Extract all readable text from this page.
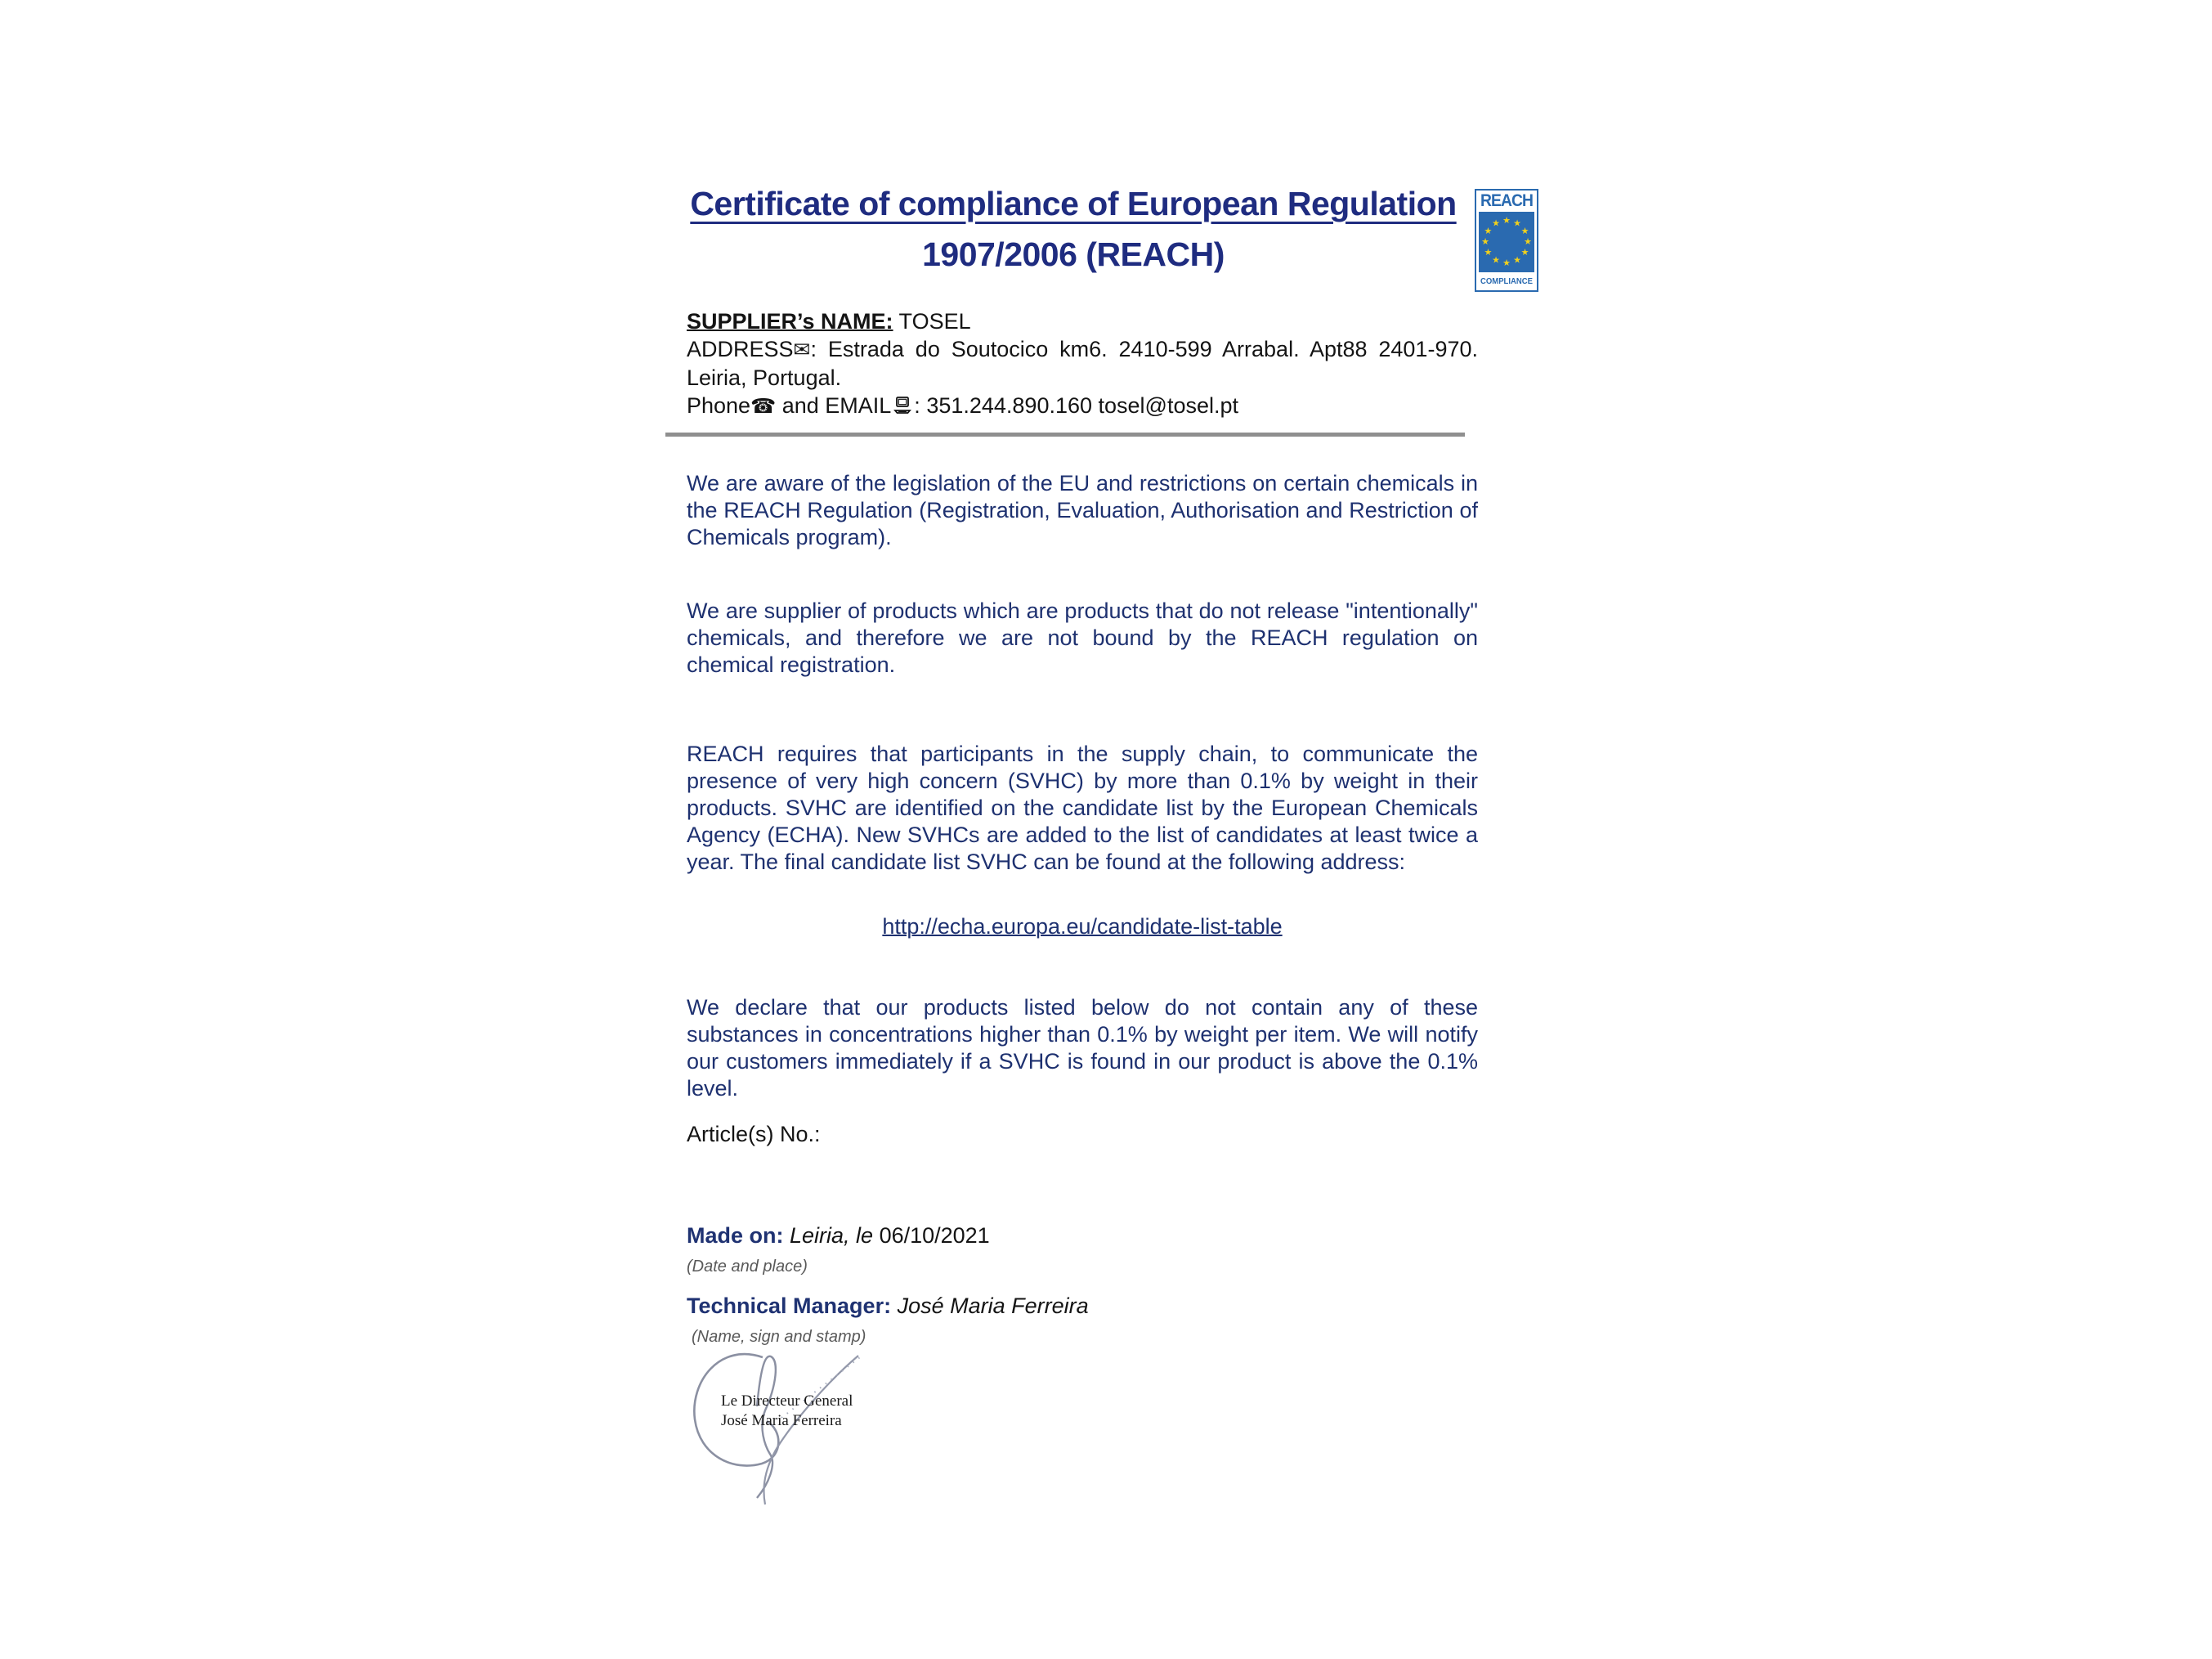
Certificate of compliance of European Regulation
1907/2006 (REACH)
REACH
★ ★
★
★
★
★
★
★
★
★
★
★
COMPLIANCE

SUPPLIER’s NAME: TOSEL

ADDRESS✉: Estrada do Soutocico km6. 2410-599 Arrabal. Apt88 2401-970. Leiria, Portugal.

Phone☎ and EMAIL : 351.244.890.160 tosel@tosel.pt

We are aware of the legislation of the EU and restrictions on certain chemicals in the REACH Regulation (Registration, Evaluation, Authorisation and Restriction of Chemicals program).

We are supplier of products which are products that do not release "intentionally" chemicals, and therefore we are not bound by the REACH regulation on chemical registration.

REACH requires that participants in the supply chain, to communicate the presence of very high concern (SVHC) by more than 0.1% by weight in their products. SVHC are identified on the candidate list by the European Chemicals Agency (ECHA). New SVHCs are added to the list of candidates at least twice a year. The final candidate list SVHC can be found at the following address:

http://echa.europa.eu/candidate-list-table

We declare that our products listed below do not contain any of these substances in concentrations higher than 0.1% by weight per item. We will notify our customers immediately if a SVHC is found in our product is above the 0.1% level.

Article(s) No.:

Made on: Leiria, le 06/10/2021

(Date and place)

Technical Manager: José Maria Ferreira

(Name, sign and stamp)

Le Directeur General
José Maria Ferreira
